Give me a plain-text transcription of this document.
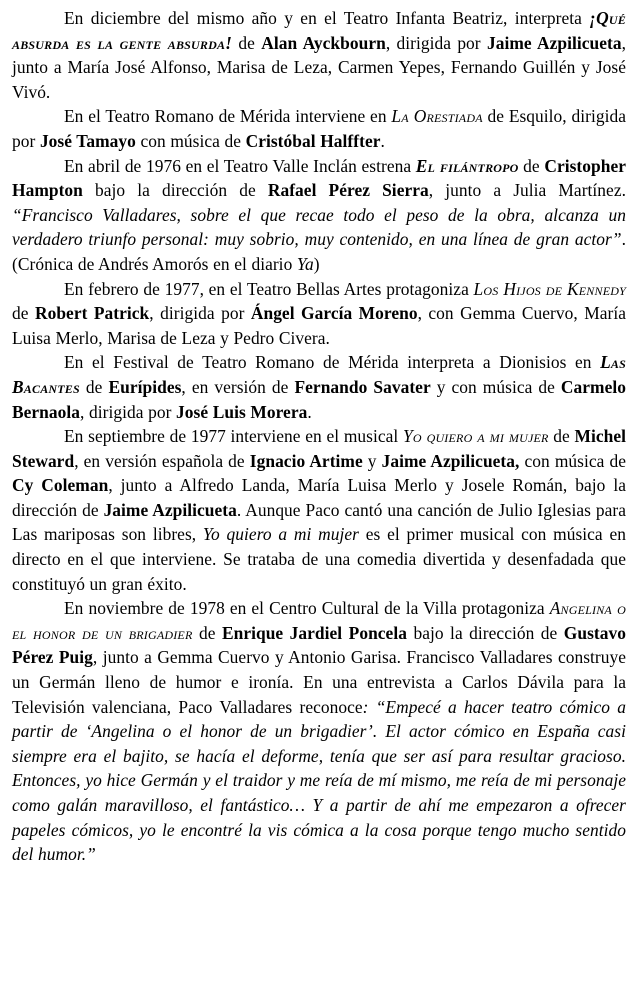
En diciembre del mismo año y en el Teatro Infanta Beatriz, interpreta ¡Qué absurda es la gente absurda! de Alan Ayckbourn, dirigida por Jaime Azpilicueta, junto a María José Alfonso, Marisa de Leza, Carmen Yepes, Fernando Guillén y José Vivó.

En el Teatro Romano de Mérida interviene en La Orestiada de Esquilo, dirigida por José Tamayo con música de Cristóbal Halffter.

En abril de 1976 en el Teatro Valle Inclán estrena El filántropo de Cristopher Hampton bajo la dirección de Rafael Pérez Sierra, junto a Julia Martínez. “Francisco Valladares, sobre el que recae todo el peso de la obra, alcanza un verdadero triunfo personal: muy sobrio, muy contenido, en una línea de gran actor”. (Crónica de Andrés Amorós en el diario Ya)

En febrero de 1977, en el Teatro Bellas Artes protagoniza Los Hijos de Kennedy de Robert Patrick, dirigida por Ángel García Moreno, con Gemma Cuervo, María Luisa Merlo, Marisa de Leza y Pedro Civera.

En el Festival de Teatro Romano de Mérida interpreta a Dionisios en Las Bacantes de Eurípides, en versión de Fernando Savater y con música de Carmelo Bernaola, dirigida por José Luis Morera.

En septiembre de 1977 interviene en el musical Yo quiero a mi mujer de Michel Steward, en versión española de Ignacio Artime y Jaime Azpilicueta, con música de Cy Coleman, junto a Alfredo Landa, María Luisa Merlo y Josele Román, bajo la dirección de Jaime Azpilicueta. Aunque Paco cantó una canción de Julio Iglesias para Las mariposas son libres, Yo quiero a mi mujer es el primer musical con música en directo en el que interviene. Se trataba de una comedia divertida y desenfadada que constituyó un gran éxito.

En noviembre de 1978 en el Centro Cultural de la Villa protagoniza Angelina o el honor de un brigadier de Enrique Jardiel Poncela bajo la dirección de Gustavo Pérez Puig, junto a Gemma Cuervo y Antonio Garisa. Francisco Valladares construye un Germán lleno de humor e ironía. En una entrevista a Carlos Dávila para la Televisión valenciana, Paco Valladares reconoce: “Empecé a hacer teatro cómico a partir de ‘Angelina o el honor de un brigadier’. El actor cómico en España casi siempre era el bajito, se hacía el deforme, tenía que ser así para resultar gracioso. Entonces, yo hice Germán y el traidor y me reía de mí mismo, me reía de mi personaje como galán maravilloso, el fantástico… Y a partir de ahí me empezaron a ofrecer papeles cómicos, yo le encontré la vis cómica a la cosa porque tengo mucho sentido del humor.”
